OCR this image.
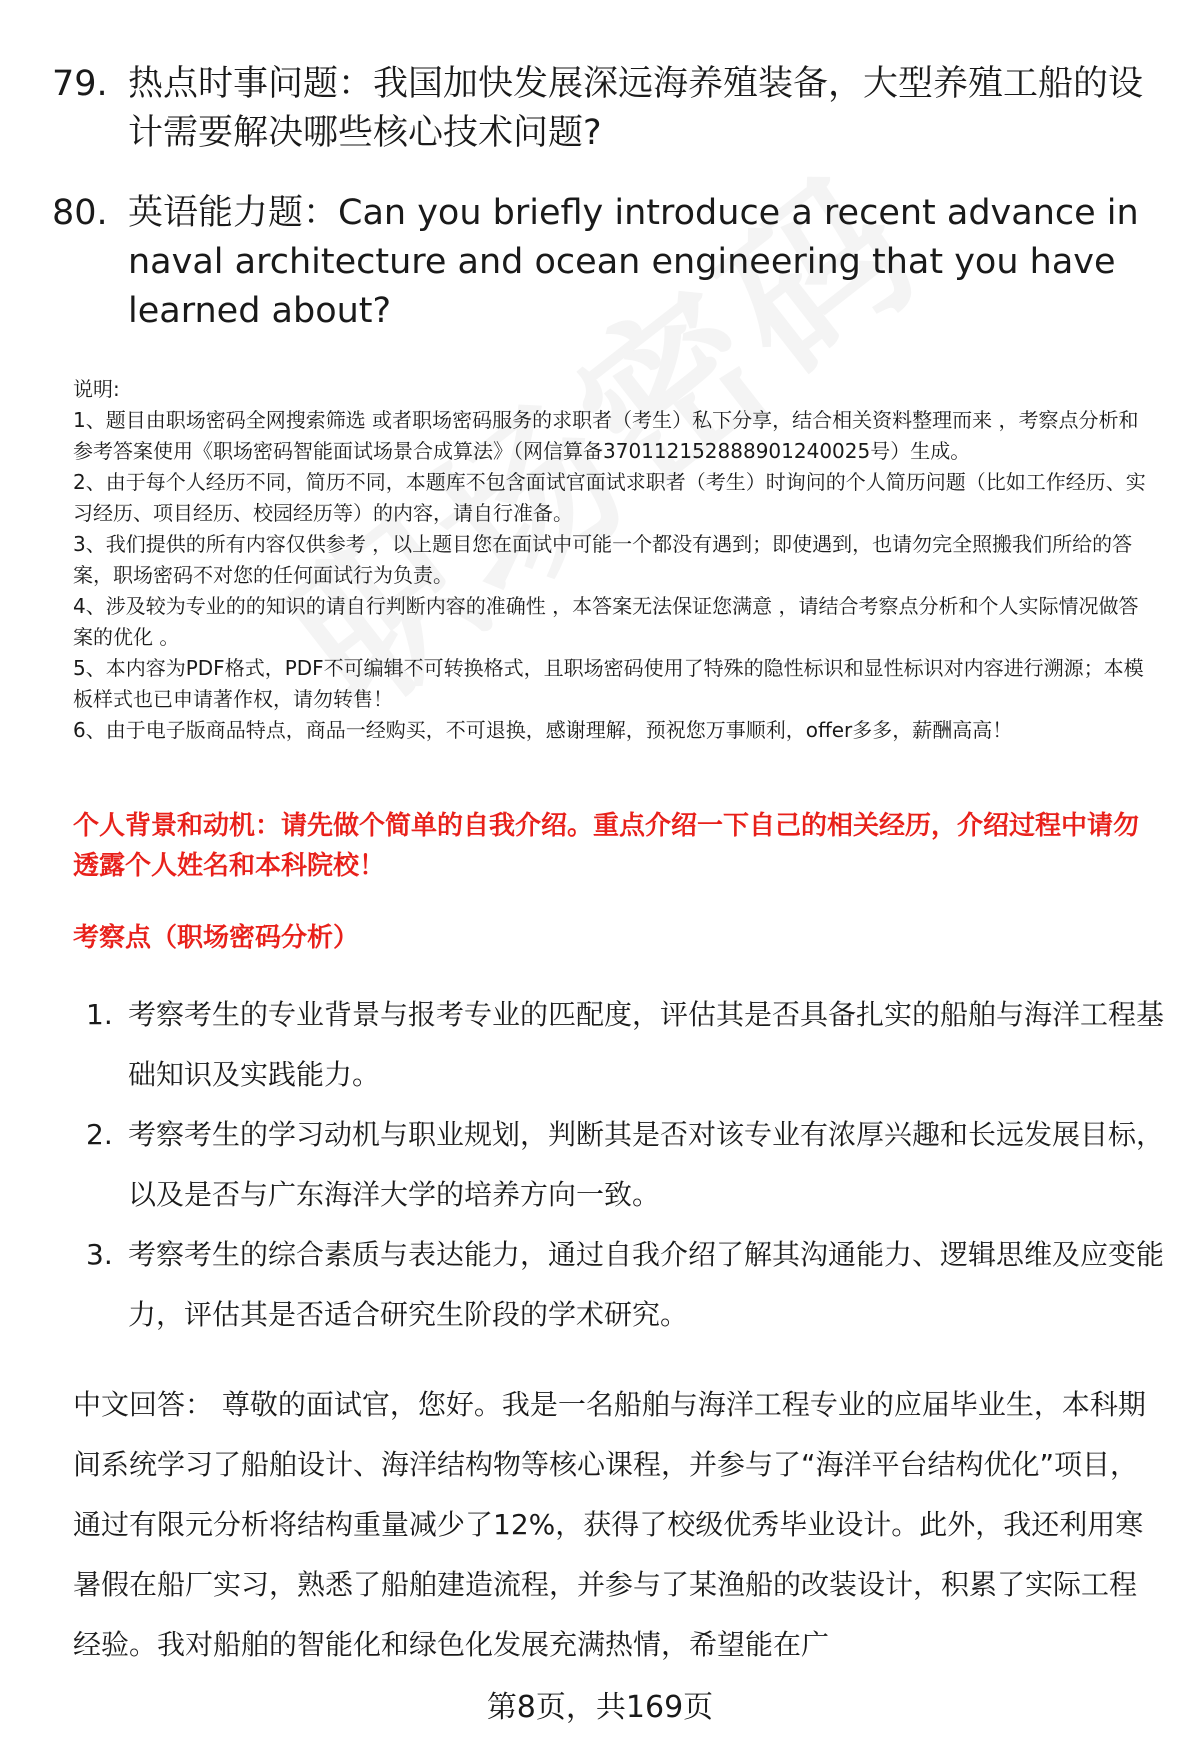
79. 热点时事问题：我国加快发展深远海养殖装备，大型养殖工船的设计需要解决哪些核心技术问题?
80. 英语能力题：Can you briefly introduce a recent advance in naval architecture and ocean engineering that you have learned about?
说明:
1、题目由职场密码全网搜索筛选 或者职场密码服务的求职者（考生）私下分享，结合相关资料整理而来 ，考察点分析和参考答案使用《职场密码智能面试场景合成算法》（网信算备370112152888901240025号）生成。
2、由于每个人经历不同，简历不同，本题库不包含面试官面试求职者（考生）时询问的个人简历问题（比如工作经历、实习经历、项目经历、校园经历等）的内容，请自行准备。
3、我们提供的所有内容仅供参考 ，以上题目您在面试中可能一个都没有遇到；即使遇到，也请勿完全照搬我们所给的答案，职场密码不对您的任何面试行为负责。
4、涉及较为专业的的知识的请自行判断内容的准确性 ，本答案无法保证您满意 ，请结合考察点分析和个人实际情况做答案的优化 。
5、本内容为PDF格式，PDF不可编辑不可转换格式，且职场密码使用了特殊的隐性标识和显性标识对内容进行溯源；本模板样式也已申请著作权，请勿转售！
6、由于电子版商品特点，商品一经购买，不可退换，感谢理解，预祝您万事顺利，offer多多，薪酬高高！
个人背景和动机：请先做个简单的自我介绍。重点介绍一下自己的相关经历，介绍过程中请勿透露个人姓名和本科院校！
考察点（职场密码分析）
1. 考察考生的专业背景与报考专业的匹配度，评估其是否具备扎实的船舶与海洋工程基础知识及实践能力。
2. 考察考生的学习动机与职业规划，判断其是否对该专业有浓厚兴趣和长远发展目标，以及是否与广东海洋大学的培养方向一致。
3. 考察考生的综合素质与表达能力，通过自我介绍了解其沟通能力、逻辑思维及应变能力，评估其是否适合研究生阶段的学术研究。
中文回答： 尊敬的面试官，您好。我是一名船舶与海洋工程专业的应届毕业生，本科期间系统学习了船舶设计、海洋结构物等核心课程，并参与了“海洋平台结构优化”项目，通过有限元分析将结构重量减少了12%，获得了校级优秀毕业设计。此外，我还利用寒暑假在船厂实习，熟悉了船舶建造流程，并参与了某渔船的改装设计，积累了实际工程经验。我对船舶的智能化和绿色化发展充满热情，希望能在广
第8页，共169页
